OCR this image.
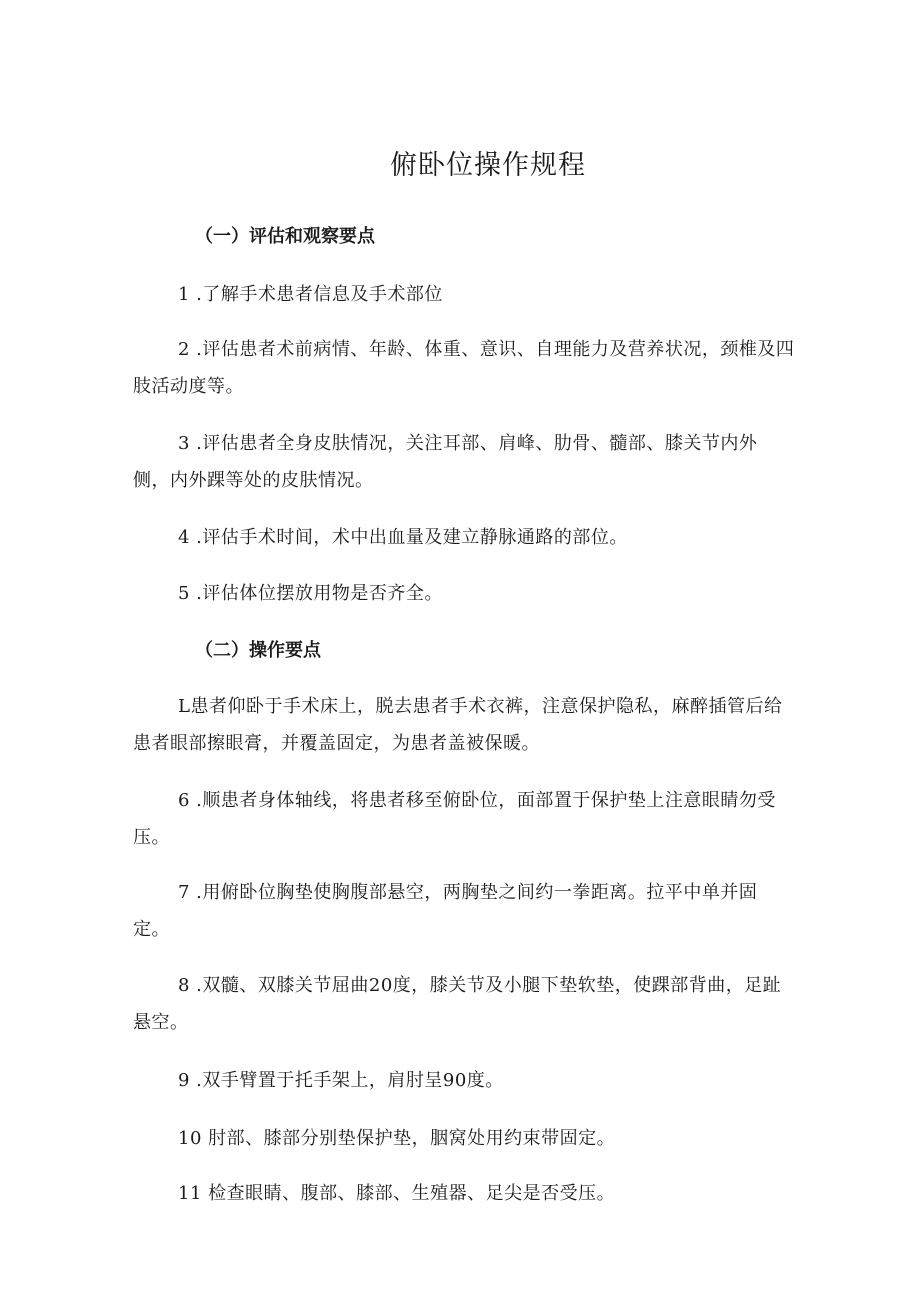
俯卧位操作规程
（一）评估和观察要点
1 .了解手术患者信息及手术部位
2 .评估患者术前病情、年龄、体重、意识、自理能力及营养状况，颈椎及四
肢活动度等。
3 .评估患者全身皮肤情况，关注耳部、肩峰、肋骨、髓部、膝关节内外
侧，内外踝等处的皮肤情况。
4 .评估手术时间，术中出血量及建立静脉通路的部位。
5 .评估体位摆放用物是否齐全。
（二）操作要点
L患者仰卧于手术床上，脱去患者手术衣裤，注意保护隐私，麻醉插管后给
患者眼部擦眼膏，并覆盖固定，为患者盖被保暖。
6 .顺患者身体轴线，将患者移至俯卧位，面部置于保护垫上注意眼睛勿受
压。
7 .用俯卧位胸垫使胸腹部悬空，两胸垫之间约一拳距离。拉平中单并固
定。
8 .双髓、双膝关节屈曲20度，膝关节及小腿下垫软垫，使踝部背曲，足趾
悬空。
9 .双手臂置于托手架上，肩肘呈90度。
10 肘部、膝部分别垫保护垫，胭窝处用约束带固定。
11 检查眼睛、腹部、膝部、生殖器、足尖是否受压。
